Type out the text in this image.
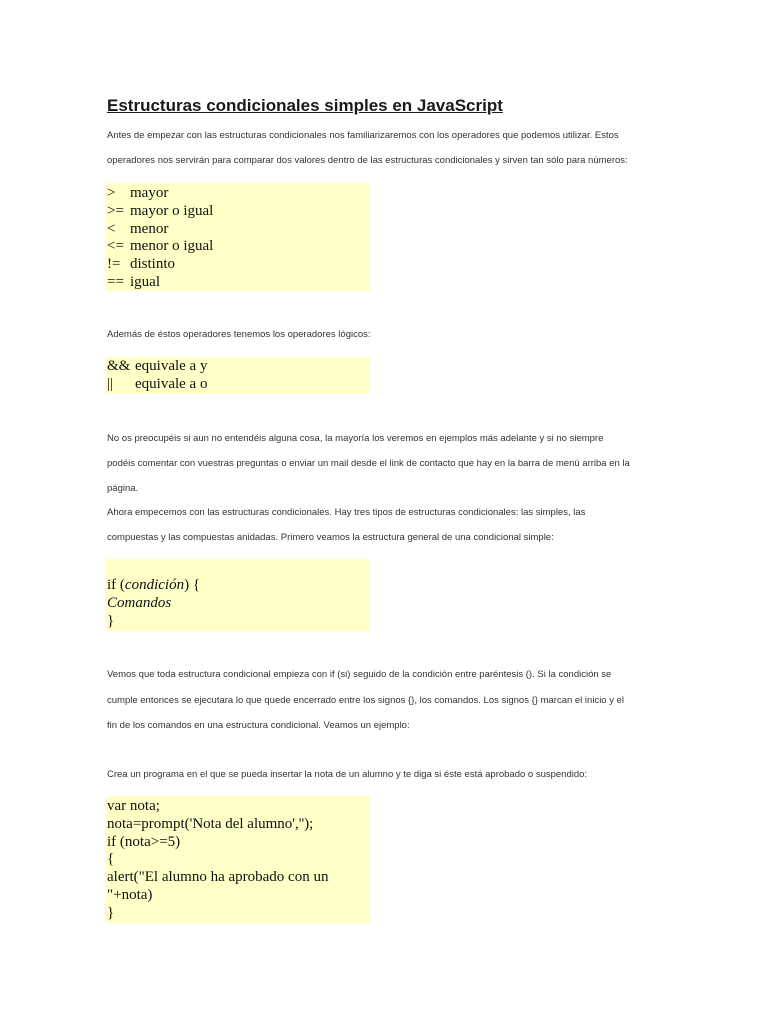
Estructuras condicionales simples en JavaScript

Antes de empezar con las estructuras condicionales nos familiarizaremos con los operadores que podemos utilizar. Estos

operadores nos servirán para comparar dos valores dentro de las estructuras condicionales y sirven tan sólo para números:

> mayor
>= mayor o igual
< menor
<= menor o igual
!= distinto
== igual

Además de éstos operadores tenemos los operadores lógicos:

&& equivale a y
||	equivale a o

No os preocupéis si aun no entendéis alguna cosa, la mayoría los veremos en ejemplos más adelante y si no siempre

podéis comentar con vuestras preguntas o enviar un mail desde el link de contacto que hay en la barra de menú arriba en la

página.

Ahora empecemos con las estructuras condicionales. Hay tres tipos de estructuras condicionales: las simples, las

compuestas y las compuestas anidadas. Primero veamos la estructura general de una condicional simple:

if (condición) {
Comandos
}

Vemos que toda estructura condicional empieza con if (si) seguido de la condición entre paréntesis (). Si la condición se

cumple entonces se ejecutara lo que quede encerrado entre los signos {}, los comandos. Los signos {} marcan el inicio y el

fin de los comandos en una estructura condicional. Veamos un ejemplo:

Crea un programa en el que se pueda insertar la nota de un alumno y te diga si éste está aprobado o suspendido:

var nota;
nota=prompt('Nota del alumno','');
if (nota>=5)
{
alert("El alumno ha aprobado con un
"+nota)
}
